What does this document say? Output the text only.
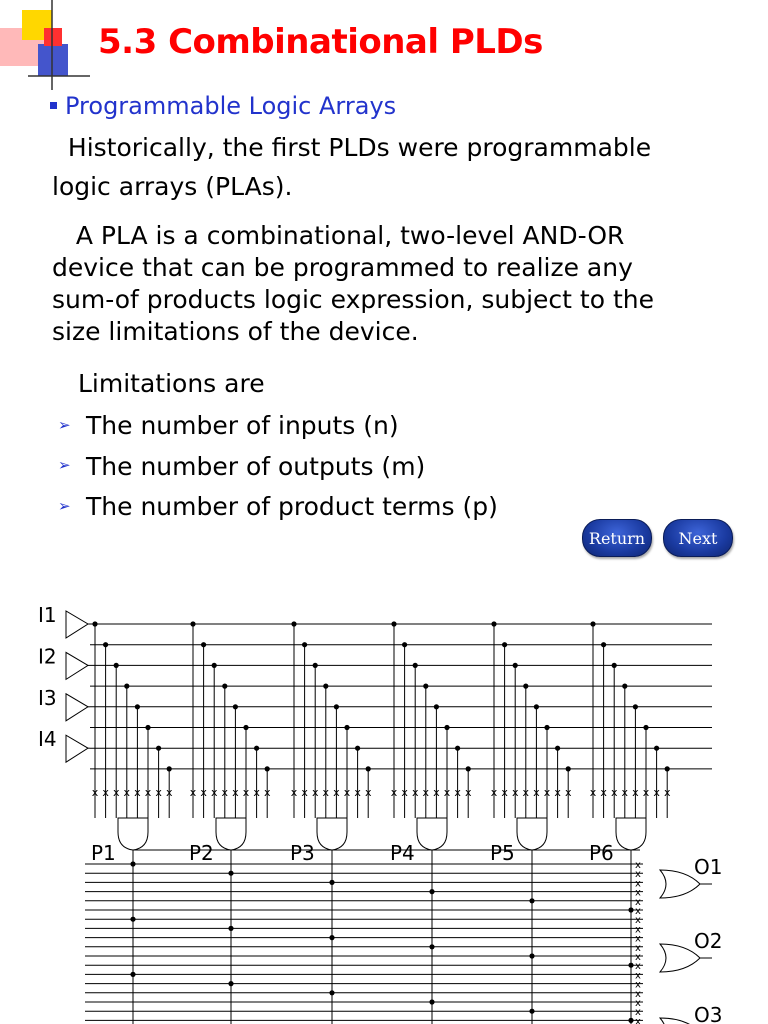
5.3 Combinational PLDs
Programmable Logic Arrays

Historically, the first PLDs were programmable
logic arrays (PLAs).

A PLA is a combinational, two-level AND-OR
device that can be programmed to realize any
sum-of products logic expression, subject to the
size limitations of the device.

Limitations are
➢ The number of inputs (n)
➢ The number of outputs (m)
➢ The number of product terms (p)
Return	Next
I1
I2
I3
I4
x x x x x x x x
P1
x x x x x x x x
P2
x x x x x x x x
P3
x x x x x x x x
P4
x x x x x x x x
P5
x x x x x x x x
P6
x
x
x
x
x
x
x
x
x
x
x
x
x
x
x
x
x
x
O1
O2
O3
